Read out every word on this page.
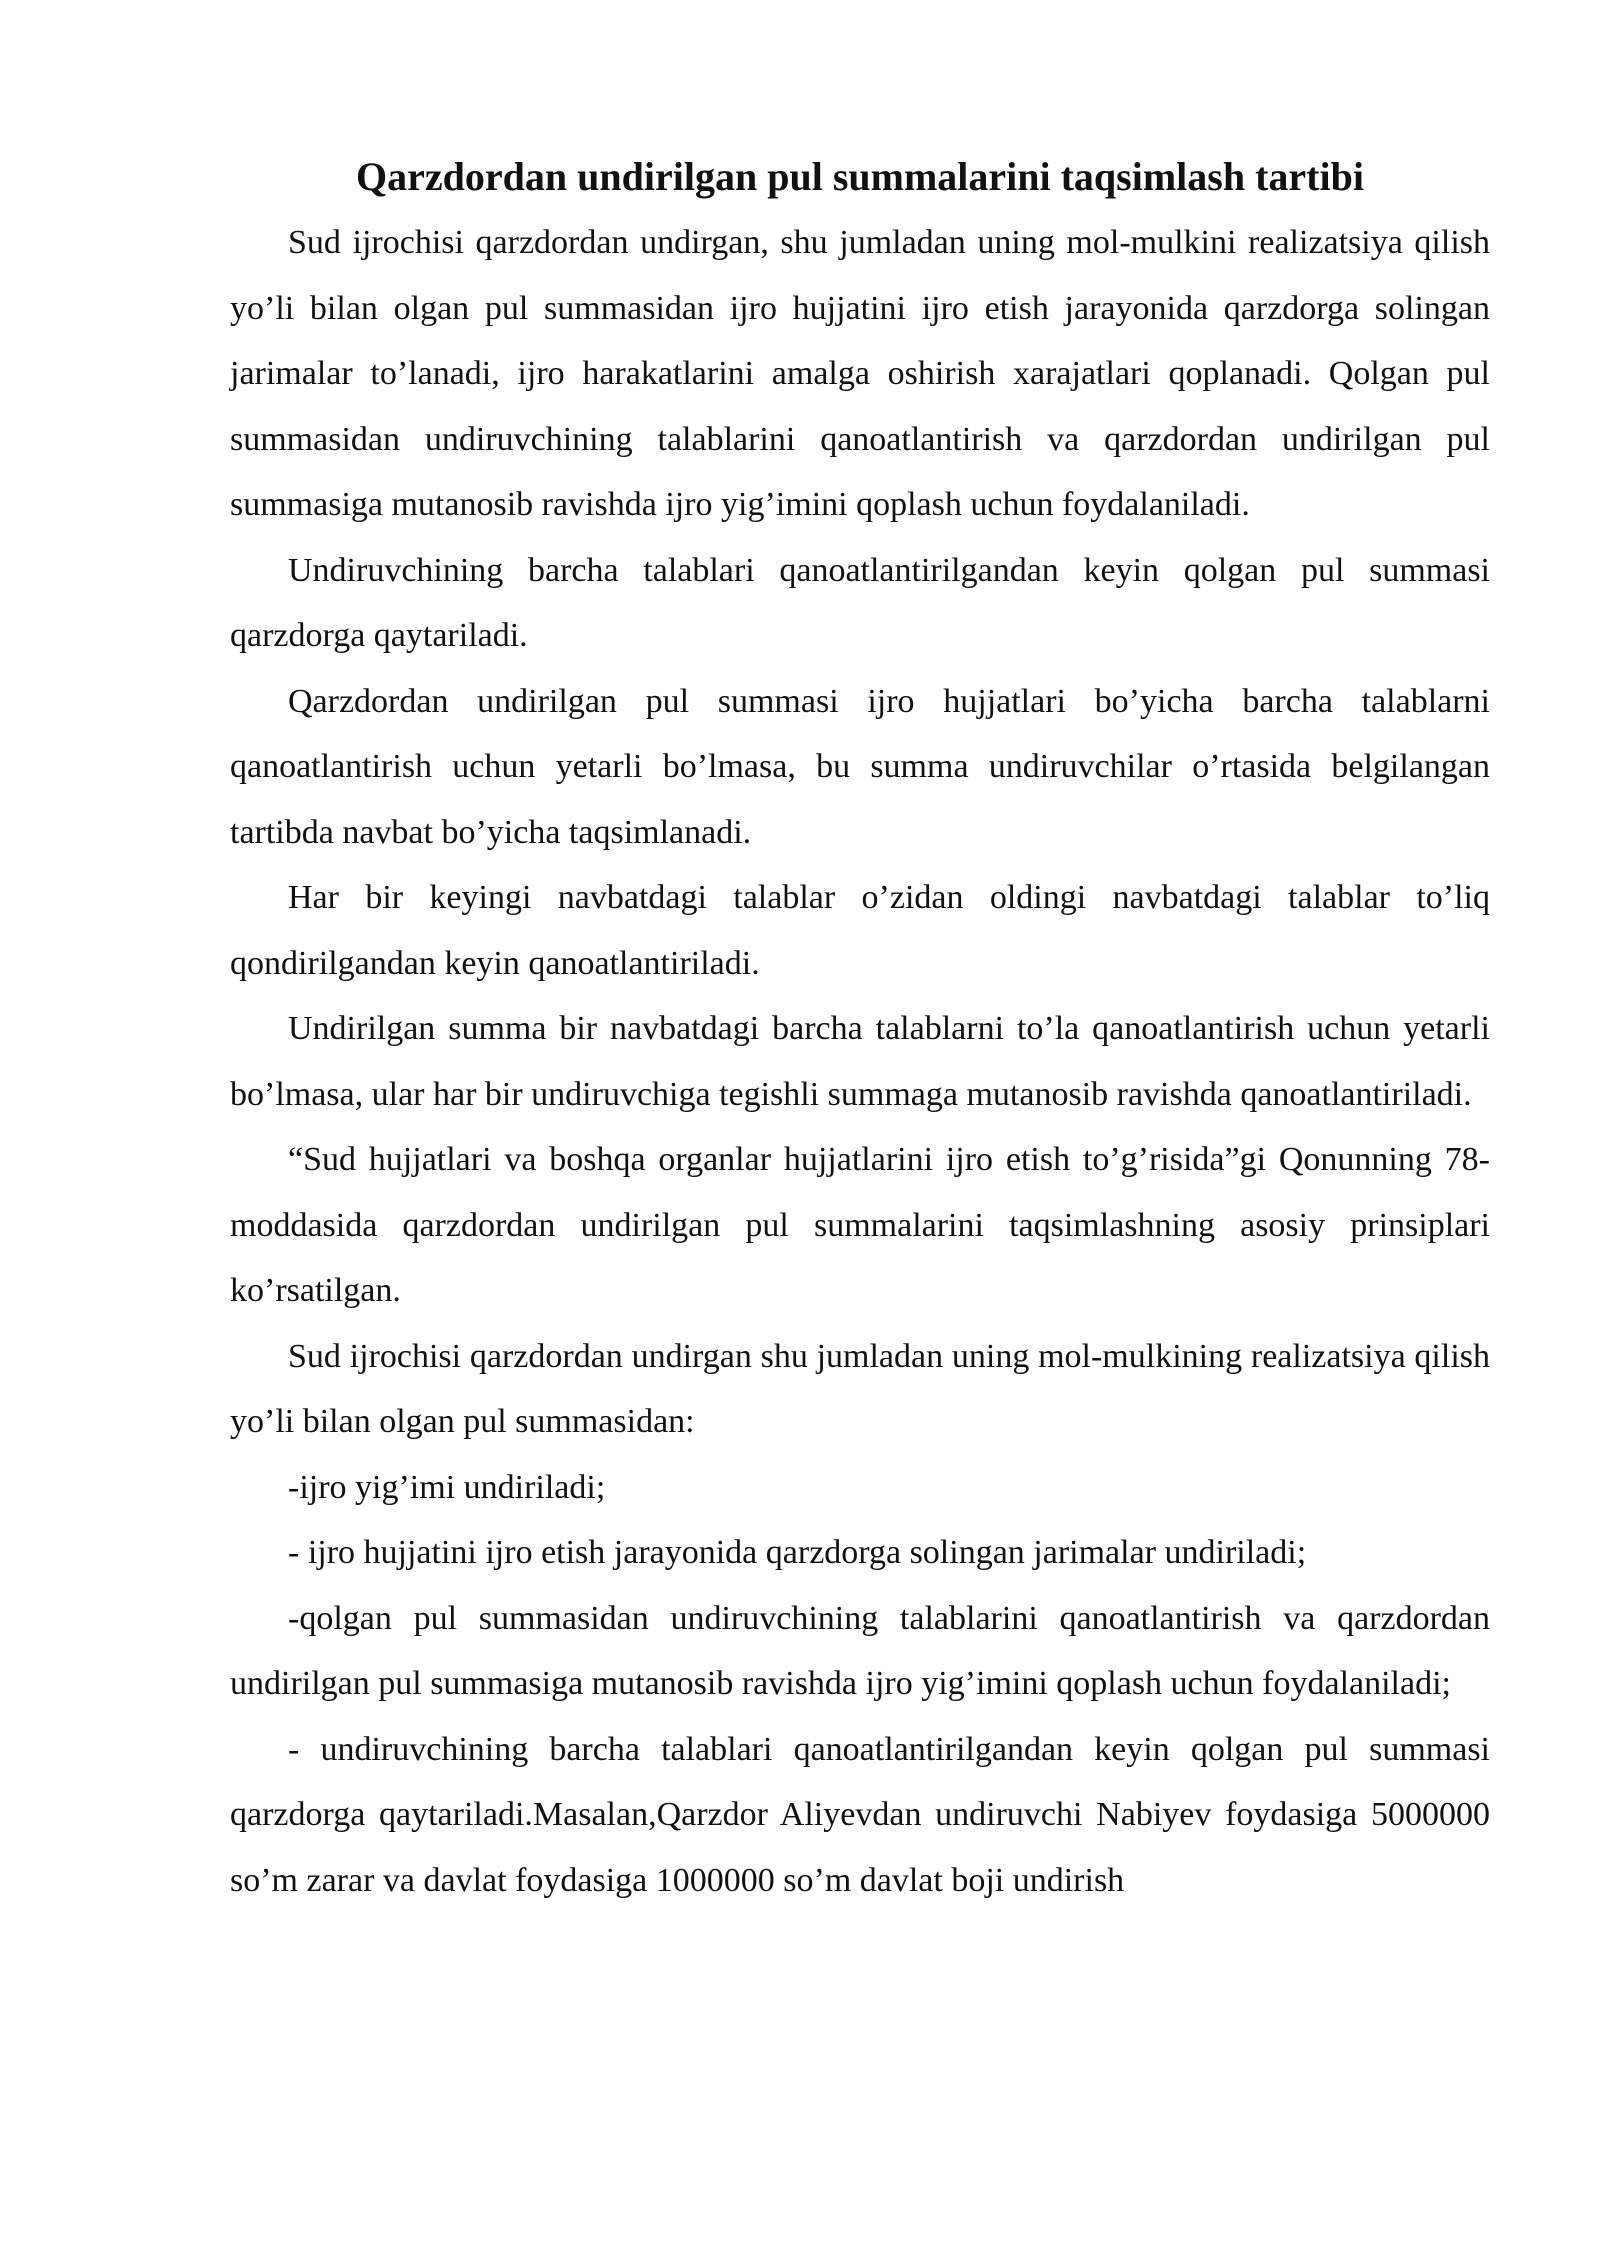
Qarzdordan undirilgan pul summalarini taqsimlash tartibi

Sud ijrochisi qarzdordan undirgan, shu jumladan uning mol-mulkini realizatsiya qilish yo’li bilan olgan pul summasidan ijro hujjatini ijro etish jarayonida qarzdorga solingan jarimalar to’lanadi, ijro harakatlarini amalga oshirish xarajatlari qoplanadi. Qolgan pul summasidan undiruvchining talablarini qanoatlantirish va qarzdordan undirilgan pul summasiga mutanosib ravishda ijro yig’imini qoplash uchun foydalaniladi.

Undiruvchining barcha talablari qanoatlantirilgandan keyin qolgan pul summasi qarzdorga qaytariladi.

Qarzdordan undirilgan pul summasi ijro hujjatlari bo’yicha barcha talablarni qanoatlantirish uchun yetarli bo’lmasa, bu summa undiruvchilar o’rtasida belgilangan tartibda navbat bo’yicha taqsimlanadi.

Har bir keyingi navbatdagi talablar o’zidan oldingi navbatdagi talablar to’liq qondirilgandan keyin qanoatlantiriladi.

Undirilgan summa bir navbatdagi barcha talablarni to’la qanoatlantirish uchun yetarli bo’lmasa, ular har bir undiruvchiga tegishli summaga mutanosib ravishda qanoatlantiriladi.

“Sud hujjatlari va boshqa organlar hujjatlarini ijro etish to’g’risida”gi Qonunning 78-moddasida qarzdordan undirilgan pul summalarini taqsimlashning asosiy prinsiplari ko’rsatilgan.

Sud ijrochisi qarzdordan undirgan shu jumladan uning mol-mulkining realizatsiya qilish yo’li bilan olgan pul summasidan:

-ijro yig’imi undiriladi;

- ijro hujjatini ijro etish jarayonida qarzdorga solingan jarimalar undiriladi;

-qolgan pul summasidan undiruvchining talablarini qanoatlantirish va qarzdordan undirilgan pul summasiga mutanosib ravishda ijro yig’imini qoplash uchun foydalaniladi;

- undiruvchining barcha talablari qanoatlantirilgandan keyin qolgan pul summasi qarzdorga qaytariladi.Masalan,Qarzdor Aliyevdan undiruvchi Nabiyev foydasiga 5000000 so’m zarar va davlat foydasiga 1000000 so’m davlat boji undirish
